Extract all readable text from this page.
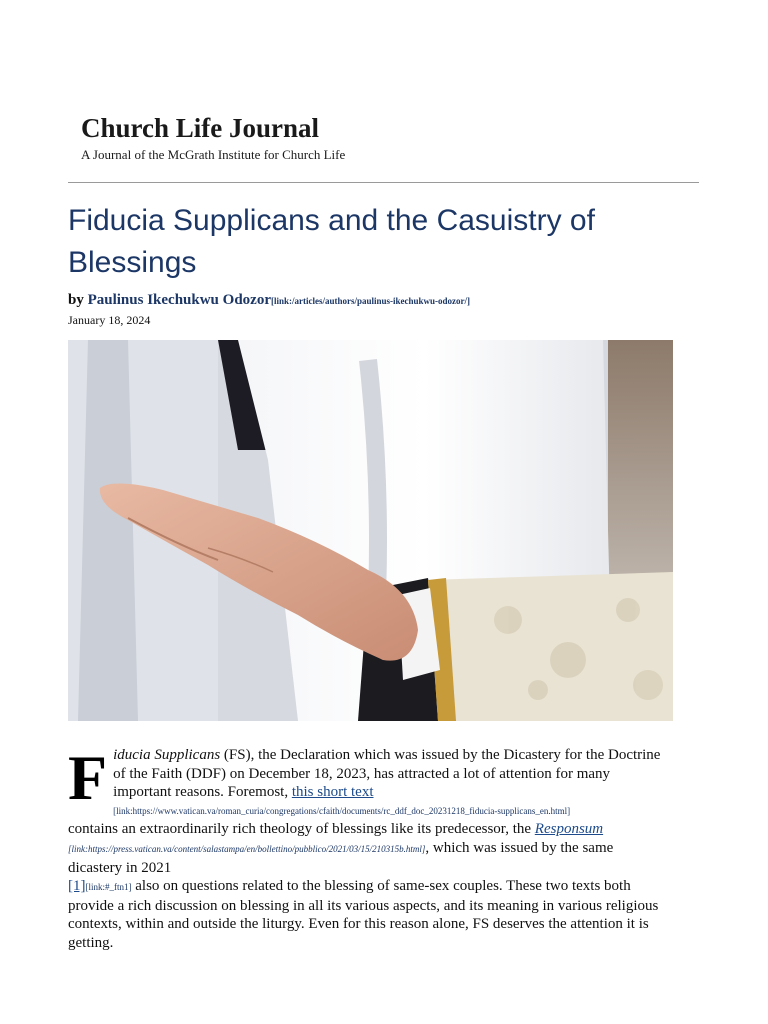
Church Life Journal
A Journal of the McGrath Institute for Church Life
Fiducia Supplicans and the Casuistry of Blessings
by Paulinus Ikechukwu Odozor[link:/articles/authors/paulinus-ikechukwu-odozor/]
January 18, 2024
Fiducia Supplicans (FS), the Declaration which was issued by the Dicastery for the Doctrine of the Faith (DDF) on December 18, 2023, has attracted a lot of attention for many important reasons. Foremost, this short text
[link:https://www.vatican.va/roman_curia/congregations/cfaith/documents/rc_ddf_doc_20231218_fiducia-supplicans_en.html]
contains an extraordinarily rich theology of blessings like its predecessor, the Responsum
[link:https://press.vatican.va/content/salastampa/en/bollettino/pubblico/2021/03/15/210315b.html], which was issued by the same dicastery in 2021
[1][link:#_ftn1] also on questions related to the blessing of same-sex couples. These two texts both provide a rich discussion on blessing in all its various aspects, and its meaning in various religious contexts, within and outside the liturgy. Even for this reason alone, FS deserves the attention it is getting.
